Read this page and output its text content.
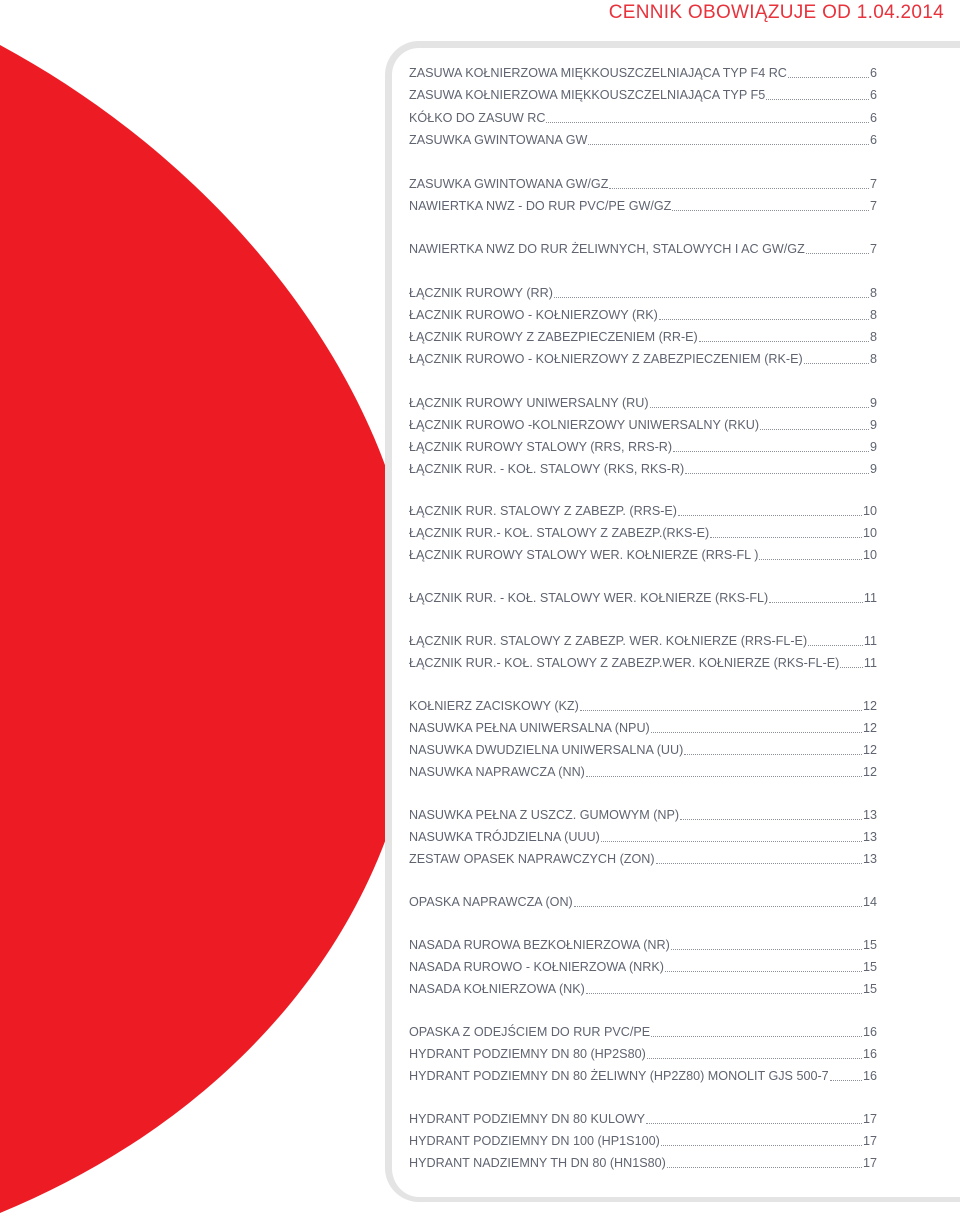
CENNIK OBOWIĄZUJE OD 1.04.2014
ZASUWA KOŁNIERZOWA MIĘKKOUSZCZELNIAJĄCA TYP F4 RC	6
ZASUWA KOŁNIERZOWA MIĘKKOUSZCZELNIAJĄCA TYP F5	6
KÓŁKO DO ZASUW RC	6
ZASUWKA GWINTOWANA GW	6
ZASUWKA GWINTOWANA GW/GZ	7
NAWIERTKA NWZ - DO RUR PVC/PE GW/GZ	7
NAWIERTKA NWZ DO RUR ŻELIWNYCH, STALOWYCH I AC GW/GZ	7
ŁĄCZNIK RUROWY (RR)	8
ŁACZNIK RUROWO - KOŁNIERZOWY (RK)	8
ŁĄCZNIK RUROWY Z ZABEZPIECZENIEM (RR-E)	8
ŁĄCZNIK RUROWO - KOŁNIERZOWY Z ZABEZPIECZENIEM (RK-E)	8
ŁĄCZNIK RUROWY UNIWERSALNY (RU)	9
ŁĄCZNIK RUROWO -KOLNIERZOWY UNIWERSALNY (RKU)	9
ŁĄCZNIK RUROWY STALOWY (RRS, RRS-R)	9
ŁĄCZNIK RUR. - KOŁ. STALOWY (RKS, RKS-R)	9
ŁĄCZNIK RUR. STALOWY Z ZABEZP. (RRS-E)	10
ŁĄCZNIK RUR.- KOŁ. STALOWY Z ZABEZP.(RKS-E)	10
ŁĄCZNIK RUROWY STALOWY WER. KOŁNIERZE (RRS-FL )	10
ŁĄCZNIK RUR. - KOŁ. STALOWY WER. KOŁNIERZE (RKS-FL)	11
ŁĄCZNIK RUR. STALOWY Z ZABEZP. WER. KOŁNIERZE (RRS-FL-E)	11
ŁĄCZNIK RUR.- KOŁ. STALOWY Z ZABEZP.WER. KOŁNIERZE (RKS-FL-E) 11
KOŁNIERZ ZACISKOWY (KZ)	12
NASUWKA PEŁNA UNIWERSALNA (NPU)	12
NASUWKA DWUDZIELNA UNIWERSALNA (UU)	12
NASUWKA NAPRAWCZA (NN)	12
NASUWKA PEŁNA Z USZCZ. GUMOWYM (NP)	13
NASUWKA TRÓJDZIELNA (UUU)	13
ZESTAW OPASEK NAPRAWCZYCH (ZON)	13
OPASKA NAPRAWCZA (ON)	14
NASADA RUROWA BEZKOŁNIERZOWA (NR)	15
NASADA RUROWO - KOŁNIERZOWA (NRK)	15
NASADA KOŁNIERZOWA (NK)	15
OPASKA Z ODEJŚCIEM DO RUR PVC/PE	16
HYDRANT PODZIEMNY DN 80 (HP2S80)	16
HYDRANT PODZIEMNY DN 80 ŻELIWNY (HP2Z80) MONOLIT GJS 500-7	16
HYDRANT PODZIEMNY DN 80 KULOWY	17
HYDRANT PODZIEMNY DN 100 (HP1S100)	17
HYDRANT NADZIEMNY TH DN 80 (HN1S80)	17
